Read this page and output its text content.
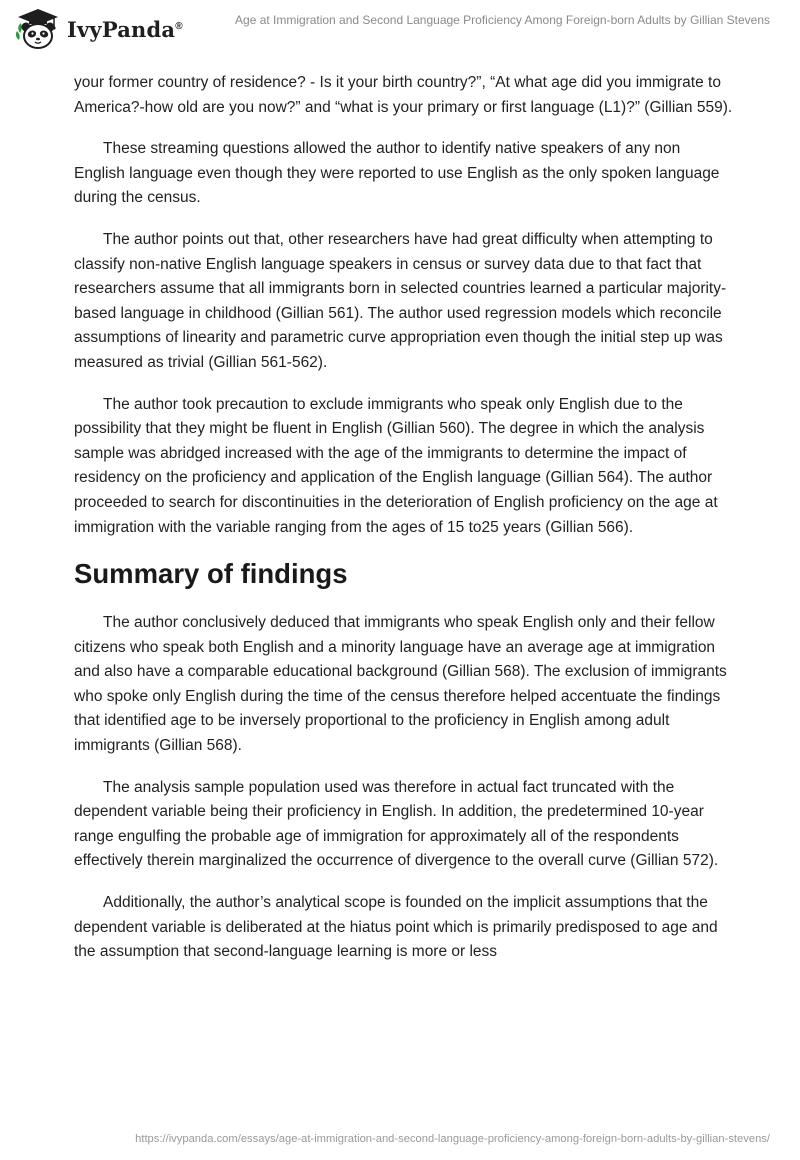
IvyPanda®	Age at Immigration and Second Language Proficiency Among Foreign-born Adults by Gillian Stevens

your former country of residence? - Is it your birth country?”, “At what age did you immigrate to America?-how old are you now?” and “what is your primary or first language (L1)?” (Gillian 559).

These streaming questions allowed the author to identify native speakers of any non English language even though they were reported to use English as the only spoken language during the census.

The author points out that, other researchers have had great difficulty when attempting to classify non-native English language speakers in census or survey data due to that fact that researchers assume that all immigrants born in selected countries learned a particular majority-based language in childhood (Gillian 561). The author used regression models which reconcile assumptions of linearity and parametric curve appropriation even though the initial step up was measured as trivial (Gillian 561-562).

The author took precaution to exclude immigrants who speak only English due to the possibility that they might be fluent in English (Gillian 560). The degree in which the analysis sample was abridged increased with the age of the immigrants to determine the impact of residency on the proficiency and application of the English language (Gillian 564). The author proceeded to search for discontinuities in the deterioration of English proficiency on the age at immigration with the variable ranging from the ages of 15 to25 years (Gillian 566).

Summary of findings

The author conclusively deduced that immigrants who speak English only and their fellow citizens who speak both English and a minority language have an average age at immigration and also have a comparable educational background (Gillian 568). The exclusion of immigrants who spoke only English during the time of the census therefore helped accentuate the findings that identified age to be inversely proportional to the proficiency in English among adult immigrants (Gillian 568).

The analysis sample population used was therefore in actual fact truncated with the dependent variable being their proficiency in English. In addition, the predetermined 10-year range engulfing the probable age of immigration for approximately all of the respondents effectively therein marginalized the occurrence of divergence to the overall curve (Gillian 572).

Additionally, the author’s analytical scope is founded on the implicit assumptions that the dependent variable is deliberated at the hiatus point which is primarily predisposed to age and the assumption that second-language learning is more or less

https://ivypanda.com/essays/age-at-immigration-and-second-language-proficiency-among-foreign-born-adults-by-gillian-stevens/
